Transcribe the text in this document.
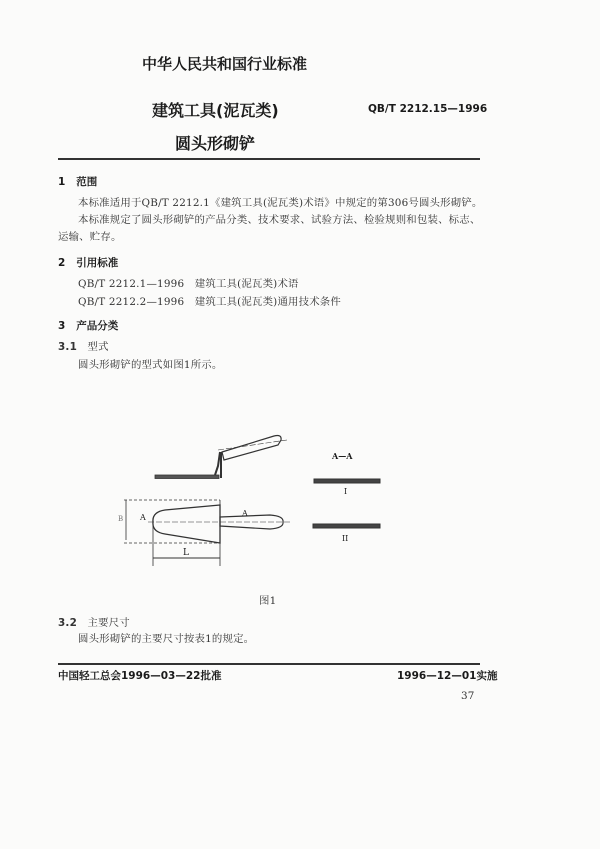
中华人民共和国行业标准
建筑工具(泥瓦类)	QB/T 2212.15—1996
圆头形砌铲
1 范围
本标准适用于QB/T 2212.1《建筑工具(泥瓦类)术语》中规定的第306号圆头形砌铲。
本标准规定了圆头形砌铲的产品分类、技术要求、试验方法、检验规则和包装、标志、
运输、贮存。
2 引用标准
QB/T 2212.1—1996 建筑工具(泥瓦类)术语
QB/T 2212.2—1996 建筑工具(泥瓦类)通用技术条件
3 产品分类
3.1 型式
圆头形砌铲的型式如图1所示。
A—A
I
II
A	A
B
L
图1
3.2 主要尺寸
圆头形砌铲的主要尺寸按表1的规定。
中国轻工总会1996—03—22批准	1996—12—01实施
37
